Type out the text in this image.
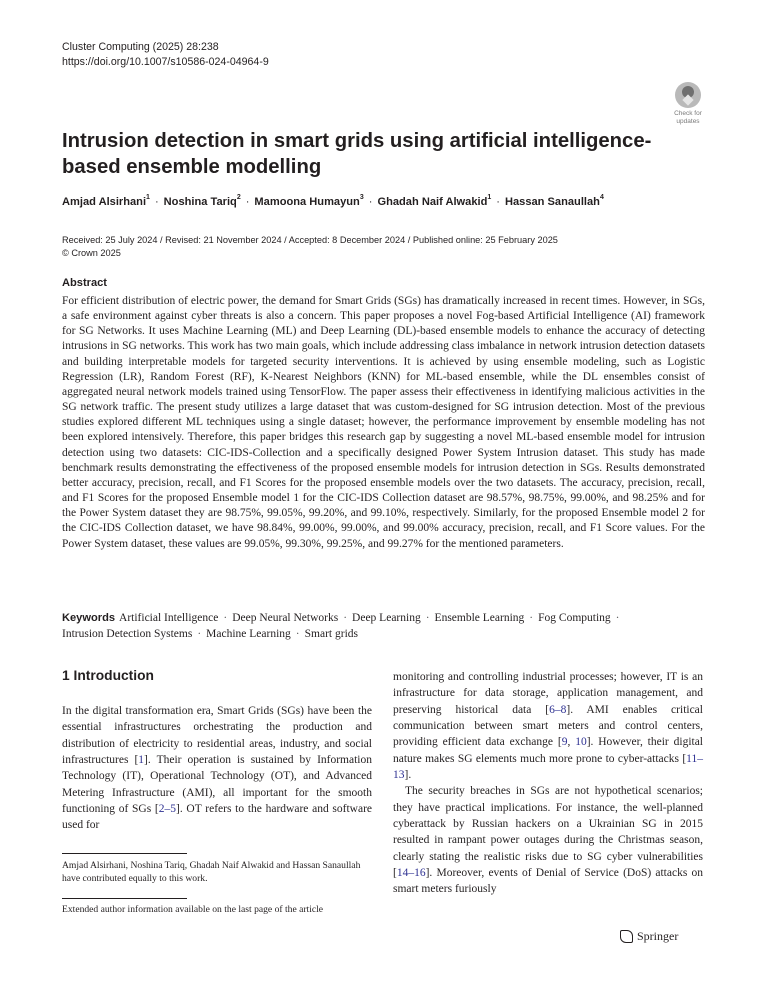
Cluster Computing (2025) 28:238
https://doi.org/10.1007/s10586-024-04964-9
Check for
updates
Intrusion detection in smart grids using artificial intelligence-based ensemble modelling
Amjad Alsirhani$^1$ · Noshina Tariq$^2$ · Mamoona Humayun$^3$ · Ghadah Naif Alwakid$^1$ · Hassan Sanaullah$^4$
Received: 25 July 2024 / Revised: 21 November 2024 / Accepted: 8 December 2024 / Published online: 25 February 2025
© Crown 2025
Abstract

For efficient distribution of electric power, the demand for Smart Grids (SGs) has dramatically increased in recent times. However, in SGs, a safe environment against cyber threats is also a concern. This paper proposes a novel Fog-based Artificial Intelligence (AI) framework for SG Networks. It uses Machine Learning (ML) and Deep Learning (DL)-based ensemble models to enhance the accuracy of detecting intrusions in SG networks. This work has two main goals, which include addressing class imbalance in network intrusion detection datasets and building interpretable models for targeted security interventions. It is achieved by using ensemble modeling, such as Logistic Regression (LR), Random Forest (RF), K-Nearest Neighbors (KNN) for ML-based ensemble, while the DL ensembles consist of aggregated neural network models trained using TensorFlow. The paper assess their effectiveness in identifying malicious activities in the SG network traffic. The present study utilizes a large dataset that was custom-designed for SG intrusion detection. Most of the previous studies explored different ML techniques using a single dataset; however, the performance improvement by ensemble modeling has not been explored intensively. Therefore, this paper bridges this research gap by suggesting a novel ML-based ensemble model for intrusion detection using two datasets: CIC-IDS-Collection and a specifically designed Power System Intrusion dataset. This study has made benchmark results demonstrating the effectiveness of the proposed ensemble models for intrusion detection in SGs. Results demonstrated better accuracy, precision, recall, and F1 Scores for the proposed ensemble models over the two datasets. The accuracy, precision, recall, and F1 Scores for the proposed Ensemble model 1 for the CIC-IDS Collection dataset are 98.57%, 98.75%, 99.00%, and 98.25% and for the Power System dataset they are 98.75%, 99.05%, 99.20%, and 99.10%, respectively. Similarly, for the proposed Ensemble model 2 for the CIC-IDS Collection dataset, we have 98.84%, 99.00%, 99.00%, and 99.00% accuracy, precision, recall, and F1 Score values. For the Power System dataset, these values are 99.05%, 99.30%, 99.25%, and 99.27% for the mentioned parameters.

Keywords Artificial Intelligence · Deep Neural Networks · Deep Learning · Ensemble Learning · Fog Computing ·
Intrusion Detection Systems · Machine Learning · Smart grids
1 Introduction

In the digital transformation era, Smart Grids (SGs) have been the essential infrastructures orchestrating the production and distribution of electricity to residential areas, industry, and social infrastructures [1]. Their operation is sustained by Information Technology (IT), Operational Technology (OT), and Advanced Metering Infrastructure (AMI), all important for the smooth functioning of SGs [2–5]. OT refers to the hardware and software used for

Amjad Alsirhani, Noshina Tariq, Ghadah Naif Alwakid and Hassan Sanaullah have contributed equally to this work.
Extended author information available on the last page of the article

monitoring and controlling industrial processes; however, IT is an infrastructure for data storage, application management, and preserving historical data [6–8]. AMI enables critical communication between smart meters and control centers, providing efficient data exchange [9, 10]. However, their digital nature makes SG elements much more prone to cyber-attacks [11–13].

The security breaches in SGs are not hypothetical scenarios; they have practical implications. For instance, the well-planned cyberattack by Russian hackers on a Ukrainian SG in 2015 resulted in rampant power outages during the Christmas season, clearly stating the realistic risks due to SG cyber vulnerabilities [14–16]. Moreover, events of Denial of Service (DoS) attacks on smart meters furiously

Springer
